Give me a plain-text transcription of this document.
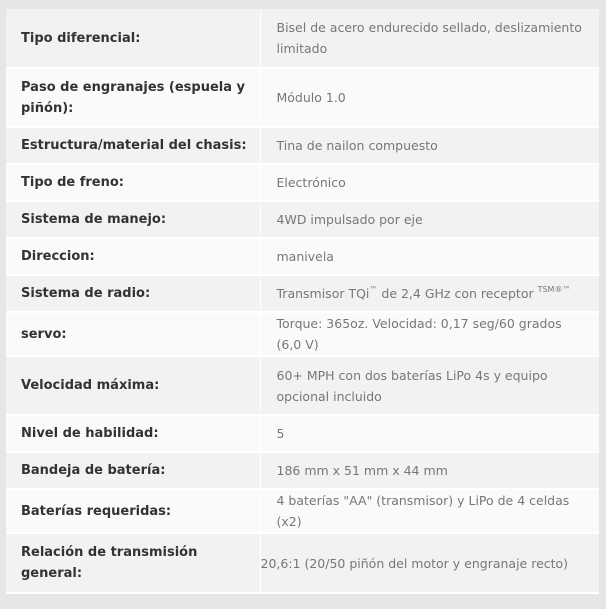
Tipo diferencial:	Bisel de acero endurecido sellado, deslizamiento limitado
Paso de engranajes (espuela y piñón):	Módulo 1.0
Estructura/material del chasis:	Tina de nailon compuesto
Tipo de freno:	Electrónico
Sistema de manejo:	4WD impulsado por eje
Direccion:	manivela
Sistema de radio:	Transmisor TQi™ de 2,4 GHz con receptor $^{TSM®™}$
servo:	Torque: 365oz. Velocidad: 0,17 seg/60 grados (6,0 V)
Velocidad máxima:	60+ MPH con dos baterías LiPo 4s y equipo opcional incluido
Nivel de habilidad:	5
Bandeja de batería:	186 mm x 51 mm x 44 mm
Baterías requeridas:	4 baterías "AA" (transmisor) y LiPo de 4 celdas (x2)
Relación de transmisión general:	20,6:1 (20/50 piñón del motor y engranaje recto)
